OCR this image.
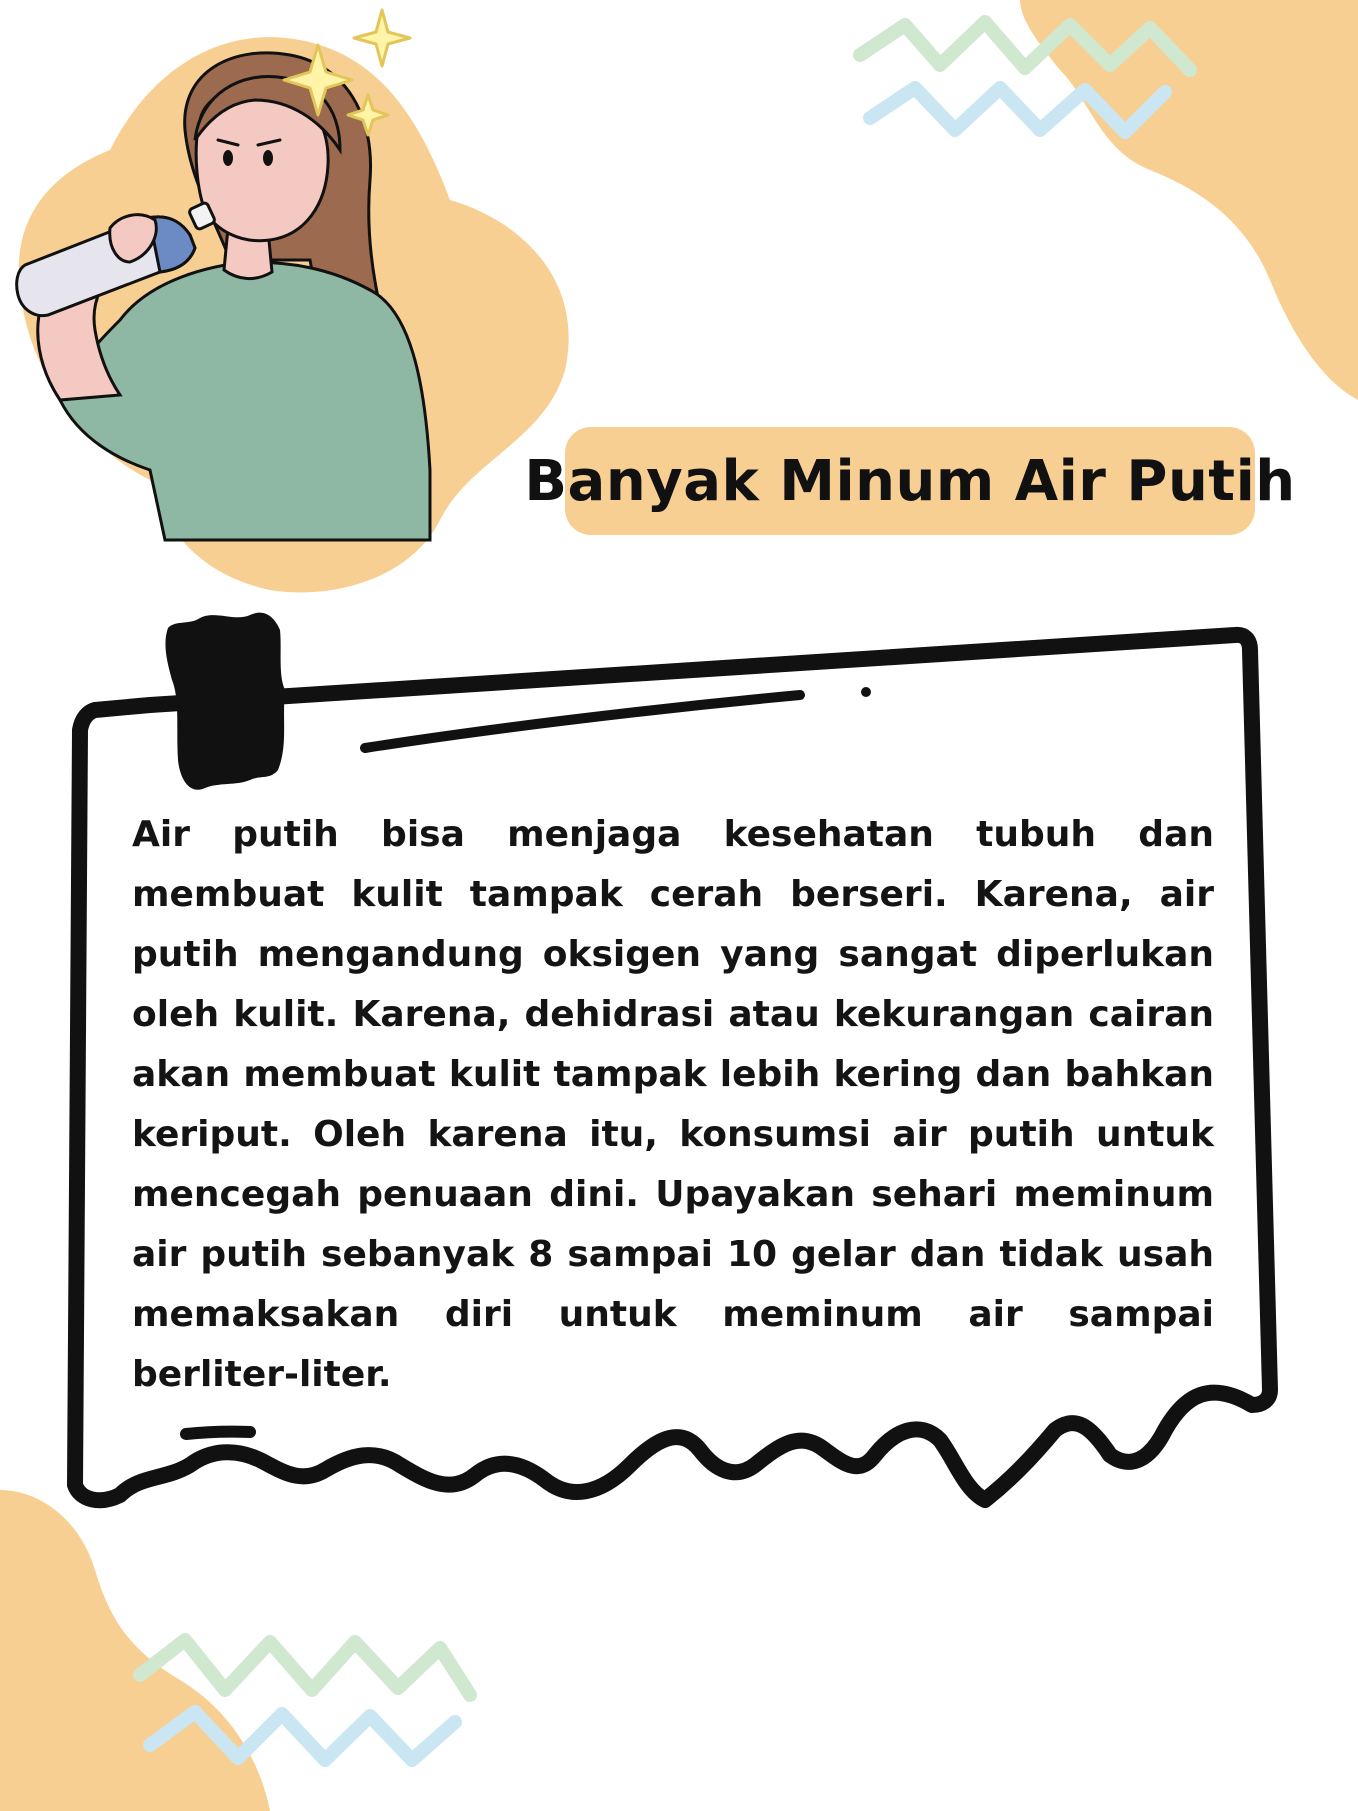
Banyak Minum Air Putih

Air putih bisa menjaga kesehatan tubuh dan membuat kulit tampak cerah berseri. Karena, air putih mengandung oksigen yang sangat diperlukan oleh kulit. Karena, dehidrasi atau kekurangan cairan akan membuat kulit tampak lebih kering dan bahkan keriput. Oleh karena itu, konsumsi air putih untuk mencegah penuaan dini. Upayakan sehari meminum air putih sebanyak 8 sampai 10 gelar dan tidak usah memaksakan diri untuk meminum air sampai berliter-liter.
